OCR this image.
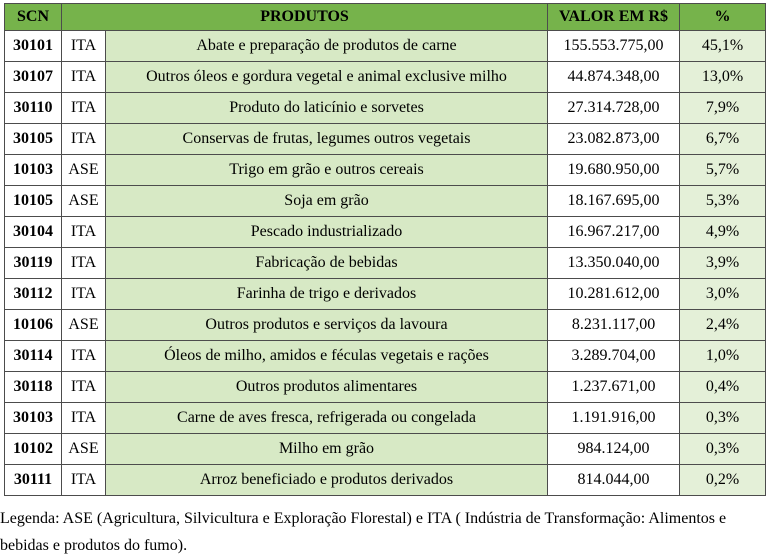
SCN	PRODUTOS		VALOR EM R$	%
30101	ITA	Abate e preparação de produtos de carne	155.553.775,00	45,1%
30107	ITA	Outros óleos e gordura vegetal e animal exclusive milho	44.874.348,00	13,0%
30110	ITA	Produto do laticínio e sorvetes	27.314.728,00	7,9%
30105	ITA	Conservas de frutas, legumes outros vegetais	23.082.873,00	6,7%
10103	ASE	Trigo em grão e outros cereais	19.680.950,00	5,7%
10105	ASE	Soja em grão	18.167.695,00	5,3%
30104	ITA	Pescado industrializado	16.967.217,00	4,9%
30119	ITA	Fabricação de bebidas	13.350.040,00	3,9%
30112	ITA	Farinha de trigo e derivados	10.281.612,00	3,0%
10106	ASE	Outros produtos e serviços da lavoura	8.231.117,00	2,4%
30114	ITA	Óleos de milho, amidos e féculas vegetais e rações	3.289.704,00	1,0%
30118	ITA	Outros produtos alimentares	1.237.671,00	0,4%
30103	ITA	Carne de aves fresca, refrigerada ou congelada	1.191.916,00	0,3%
10102	ASE	Milho em grão	984.124,00	0,3%
30111	ITA	Arroz beneficiado e produtos derivados	814.044,00	0,2%
Legenda: ASE (Agricultura, Silvicultura e Exploração Florestal) e ITA ( Indústria de Transformação: Alimentos e
bebidas e produtos do fumo).
